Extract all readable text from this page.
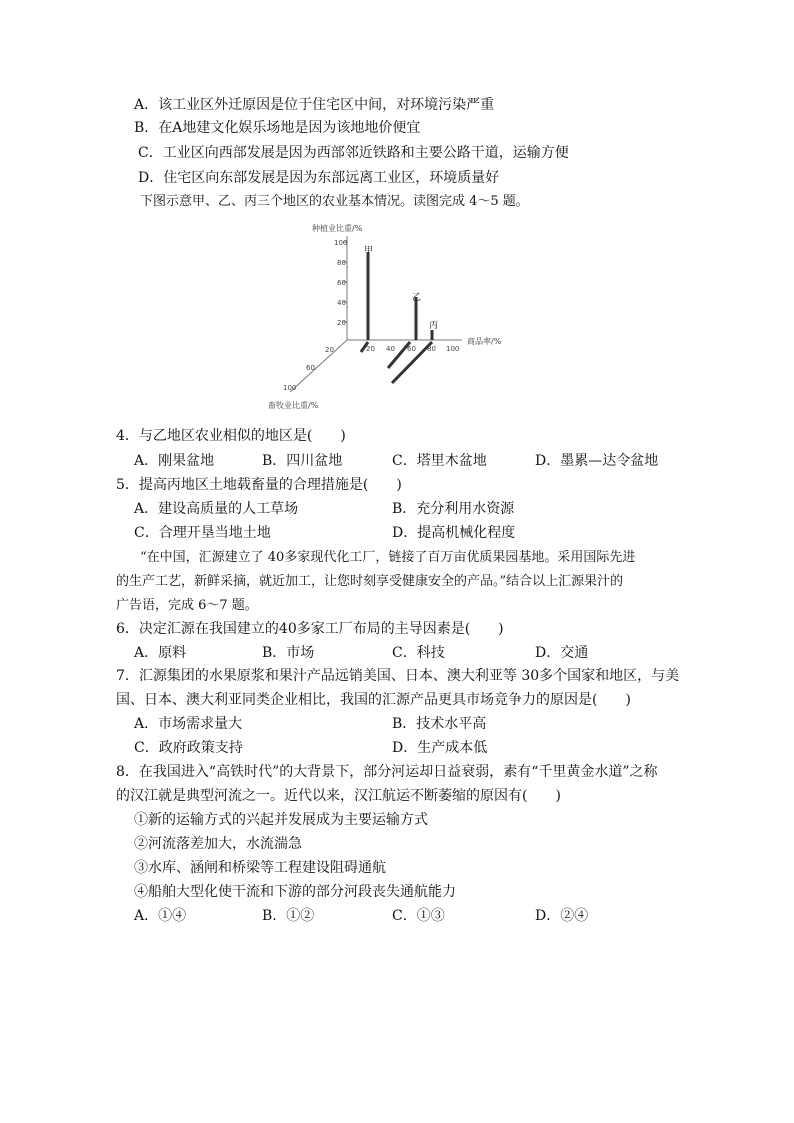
A．该工业区外迁原因是位于住宅区中间，对环境污染严重
B．在A地建文化娱乐场地是因为该地地价便宜
C．工业区向西部发展是因为西部邻近铁路和主要公路干道，运输方便
D．住宅区向东部发展是因为东部远离工业区，环境质量好
下图示意甲、乙、丙三个地区的农业基本情况。读图完成 4～5 题。
种植业比重/%
商品率/%
畜牧业比重/%
100
80
60
40
20
20 40 60 80 100
20
60
100
甲
乙
丙
4．与乙地区农业相似的地区是(　　)
A．刚果盆地	B．四川盆地	C．塔里木盆地	D．墨累—达令盆地
5．提高丙地区土地载畜量的合理措施是(　　)
A．建设高质量的人工草场	B．充分利用水资源
C．合理开垦当地土地	D．提高机械化程度
“在中国，汇源建立了 40多家现代化工厂，链接了百万亩优质果园基地。采用国际先进
的生产工艺，新鲜采摘，就近加工，让您时刻享受健康安全的产品。”结合以上汇源果汁的
广告语，完成 6～7 题。
6．决定汇源在我国建立的40多家工厂布局的主导因素是(　　)
A．原料	B．市场	C．科技	D．交通
7．汇源集团的水果原浆和果汁产品远销美国、日本、澳大利亚等 30多个国家和地区，与美
国、日本、澳大利亚同类企业相比，我国的汇源产品更具市场竞争力的原因是(　　)
A．市场需求量大	B．技术水平高
C．政府政策支持	D．生产成本低
8．在我国进入“高铁时代”的大背景下，部分河运却日益衰弱，素有“千里黄金水道”之称
的汉江就是典型河流之一。近代以来，汉江航运不断萎缩的原因有(　　)
①新的运输方式的兴起并发展成为主要运输方式
②河流落差加大，水流湍急
③水库、涵闸和桥梁等工程建设阻碍通航
④船舶大型化使干流和下游的部分河段丧失通航能力
A．①④	B．①②	C．①③	D．②④
